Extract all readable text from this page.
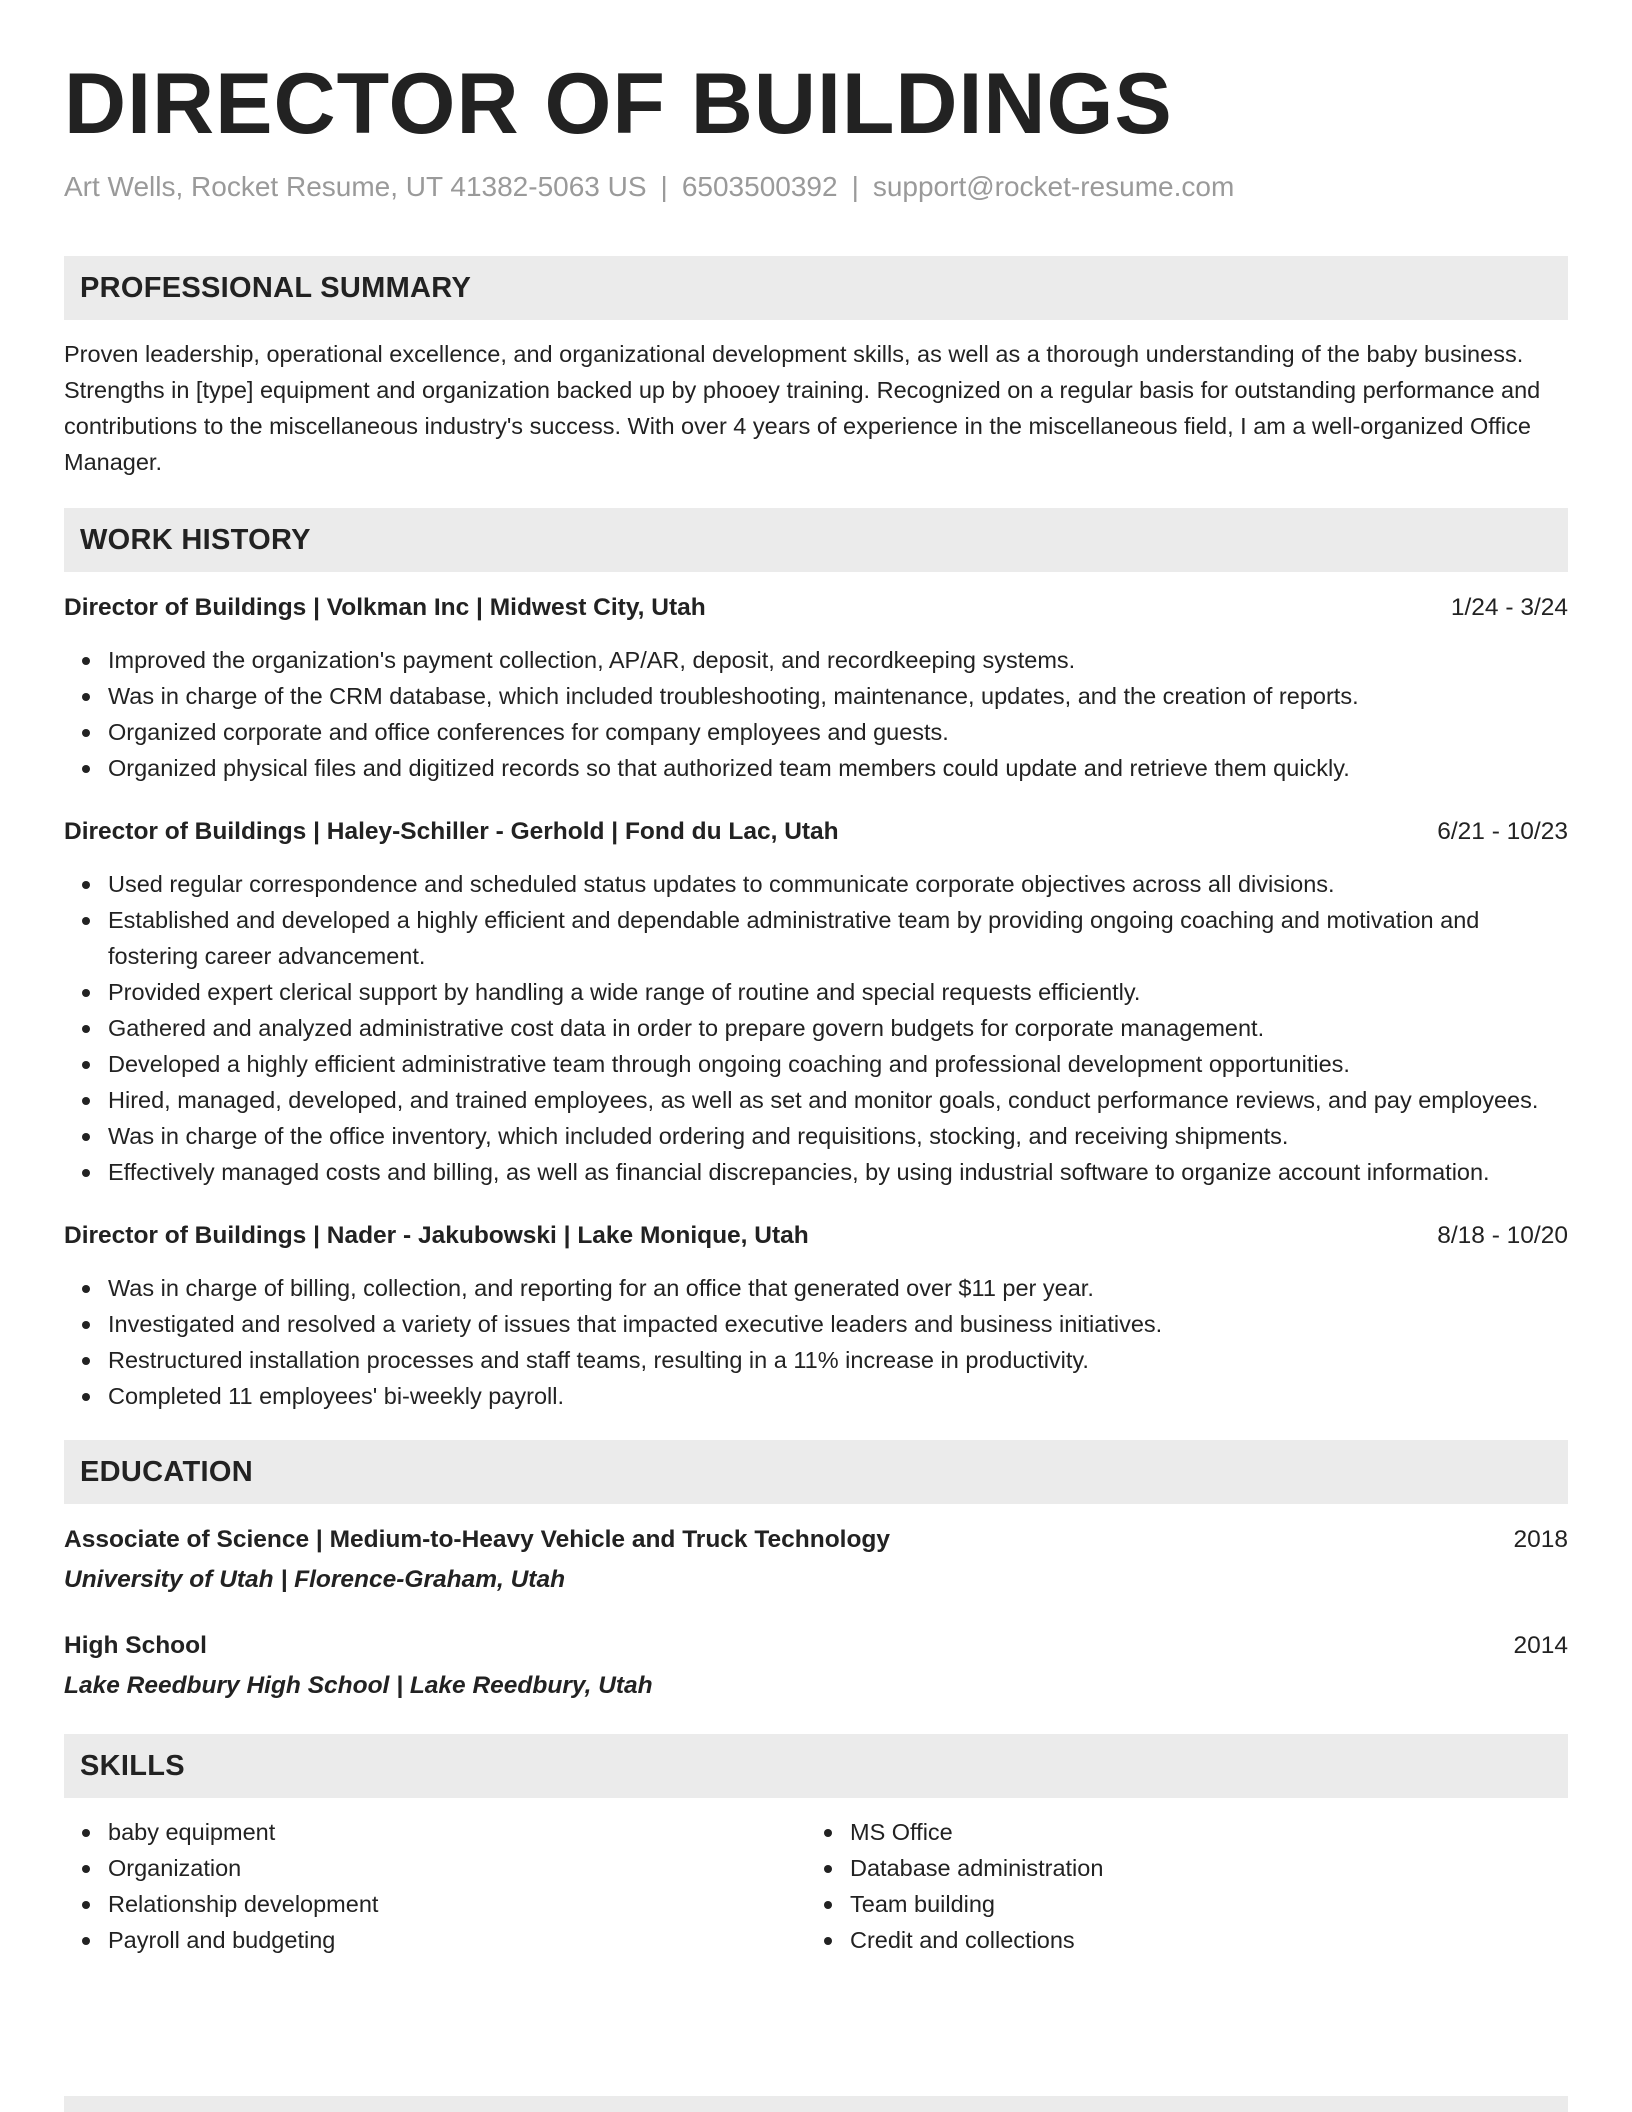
DIRECTOR OF BUILDINGS
Art Wells, Rocket Resume, UT 41382-5063 US | 6503500392 | support@rocket-resume.com
PROFESSIONAL SUMMARY

Proven leadership, operational excellence, and organizational development skills, as well as a thorough understanding of the baby business. Strengths in [type] equipment and organization backed up by phooey training. Recognized on a regular basis for outstanding performance and contributions to the miscellaneous industry's success. With over 4 years of experience in the miscellaneous field, I am a well-organized Office Manager.

WORK HISTORY
Director of Buildings | Volkman Inc | Midwest City, Utah	1/24 - 3/24
Improved the organization's payment collection, AP/AR, deposit, and recordkeeping systems.
Was in charge of the CRM database, which included troubleshooting, maintenance, updates, and the creation of reports.
Organized corporate and office conferences for company employees and guests.
Organized physical files and digitized records so that authorized team members could update and retrieve them quickly.
Director of Buildings | Haley-Schiller - Gerhold | Fond du Lac, Utah	6/21 - 10/23
Used regular correspondence and scheduled status updates to communicate corporate objectives across all divisions.
Established and developed a highly efficient and dependable administrative team by providing ongoing coaching and motivation and fostering career advancement.
Provided expert clerical support by handling a wide range of routine and special requests efficiently.
Gathered and analyzed administrative cost data in order to prepare govern budgets for corporate management.
Developed a highly efficient administrative team through ongoing coaching and professional development opportunities.
Hired, managed, developed, and trained employees, as well as set and monitor goals, conduct performance reviews, and pay employees.
Was in charge of the office inventory, which included ordering and requisitions, stocking, and receiving shipments.
Effectively managed costs and billing, as well as financial discrepancies, by using industrial software to organize account information.
Director of Buildings | Nader - Jakubowski | Lake Monique, Utah	8/18 - 10/20
Was in charge of billing, collection, and reporting for an office that generated over $11 per year.
Investigated and resolved a variety of issues that impacted executive leaders and business initiatives.
Restructured installation processes and staff teams, resulting in a 11% increase in productivity.
Completed 11 employees' bi-weekly payroll.
EDUCATION
Associate of Science | Medium-to-Heavy Vehicle and Truck Technology	2018
University of Utah | Florence-Graham, Utah
High School	2014
Lake Reedbury High School | Lake Reedbury, Utah
SKILLS
baby equipment
Organization
Relationship development
Payroll and budgeting
MS Office
Database administration
Team building
Credit and collections
